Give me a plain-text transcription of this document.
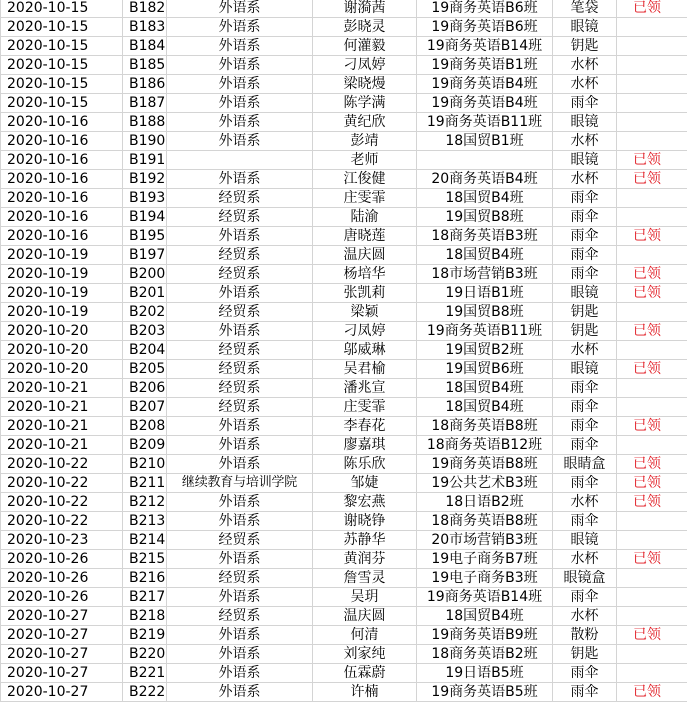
2020-10-15	B182	外语系	谢漪茜	19商务英语B6班	笔袋	已领
2020-10-15	B183	外语系	彭晓灵	19商务英语B6班	眼镜	
2020-10-15	B184	外语系	何灌毅	19商务英语B14班	钥匙	
2020-10-15	B185	外语系	刁凤婷	19商务英语B1班	水杯	
2020-10-15	B186	外语系	梁晓熳	19商务英语B4班	水杯	
2020-10-15	B187	外语系	陈学满	19商务英语B4班	雨伞	
2020-10-16	B188	外语系	黄纪欣	19商务英语B11班	眼镜	
2020-10-16	B190	外语系	彭靖	18国贸B1班	水杯	
2020-10-16	B191		老师		眼镜	已领
2020-10-16	B192	外语系	江俊健	20商务英语B4班	水杯	已领
2020-10-16	B193	经贸系	庄雯霏	18国贸B4班	雨伞	
2020-10-16	B194	经贸系	陆渝	19国贸B8班	雨伞	
2020-10-16	B195	外语系	唐晓莲	18商务英语B3班	雨伞	已领
2020-10-19	B197	经贸系	温庆圆	18国贸B4班	雨伞	
2020-10-19	B200	经贸系	杨培华	18市场营销B3班	雨伞	已领
2020-10-19	B201	外语系	张凯莉	19日语B1班	眼镜	已领
2020-10-19	B202	经贸系	梁颖	19国贸B8班	钥匙	
2020-10-20	B203	外语系	刁凤婷	19商务英语B11班	钥匙	已领
2020-10-20	B204	经贸系	邬威琳	19国贸B2班	水杯	
2020-10-20	B205	经贸系	吴君榆	19国贸B6班	眼镜	已领
2020-10-21	B206	经贸系	潘兆宣	18国贸B4班	雨伞	
2020-10-21	B207	经贸系	庄雯霏	18国贸B4班	雨伞	
2020-10-21	B208	外语系	李春花	18商务英语B8班	雨伞	已领
2020-10-21	B209	外语系	廖嘉琪	18商务英语B12班	雨伞	
2020-10-22	B210	外语系	陈乐欣	19商务英语B8班	眼睛盒	已领
2020-10-22	B211	继续教育与培训学院	邹婕	19公共艺术B3班	雨伞	已领
2020-10-22	B212	外语系	黎宏燕	18日语B2班	水杯	已领
2020-10-22	B213	外语系	谢晓铮	18商务英语B8班	雨伞	
2020-10-23	B214	经贸系	苏静华	20市场营销B3班	眼镜	
2020-10-26	B215	外语系	黄润芬	19电子商务B7班	水杯	已领
2020-10-26	B216	经贸系	詹雪灵	19电子商务B3班	眼镜盒	
2020-10-26	B217	外语系	吴玥	19商务英语B14班	雨伞	
2020-10-27	B218	经贸系	温庆圆	18国贸B4班	水杯	
2020-10-27	B219	外语系	何清	19商务英语B9班	散粉	已领
2020-10-27	B220	外语系	刘家纯	18商务英语B2班	钥匙	
2020-10-27	B221	外语系	伍霖蔚	19日语B5班	雨伞	
2020-10-27	B222	外语系	许楠	19商务英语B5班	雨伞	已领
